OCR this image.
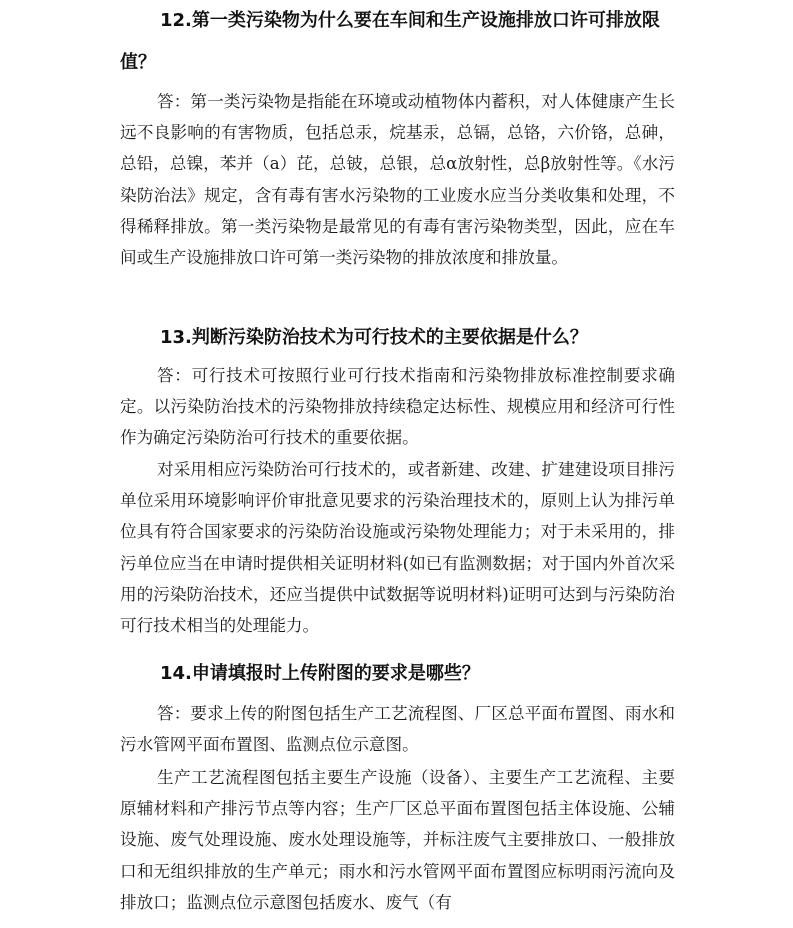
12.第一类污染物为什么要在车间和生产设施排放口许可排放限值？

答：第一类污染物是指能在环境或动植物体内蓄积，对人体健康产生长远不良影响的有害物质，包括总汞，烷基汞，总镉，总铬，六价铬，总砷，总铅，总镍，苯并（a）芘，总铍，总银，总α放射性，总β放射性等。《水污染防治法》规定，含有毒有害水污染物的工业废水应当分类收集和处理，不得稀释排放。第一类污染物是最常见的有毒有害污染物类型，因此，应在车间或生产设施排放口许可第一类污染物的排放浓度和排放量。

13.判断污染防治技术为可行技术的主要依据是什么？

答：可行技术可按照行业可行技术指南和污染物排放标准控制要求确定。以污染防治技术的污染物排放持续稳定达标性、规模应用和经济可行性作为确定污染防治可行技术的重要依据。

对采用相应污染防治可行技术的，或者新建、改建、扩建建设项目排污单位采用环境影响评价审批意见要求的污染治理技术的，原则上认为排污单位具有符合国家要求的污染防治设施或污染物处理能力；对于未采用的，排污单位应当在申请时提供相关证明材料(如已有监测数据；对于国内外首次采用的污染防治技术，还应当提供中试数据等说明材料)证明可达到与污染防治可行技术相当的处理能力。

14.申请填报时上传附图的要求是哪些？

答：要求上传的附图包括生产工艺流程图、厂区总平面布置图、雨水和污水管网平面布置图、监测点位示意图。

生产工艺流程图包括主要生产设施（设备）、主要生产工艺流程、主要原辅材料和产排污节点等内容；生产厂区总平面布置图包括主体设施、公辅设施、废气处理设施、废水处理设施等，并标注废气主要排放口、一般排放口和无组织排放的生产单元；雨水和污水管网平面布置图应标明雨污流向及排放口；监测点位示意图包括废水、废气（有
